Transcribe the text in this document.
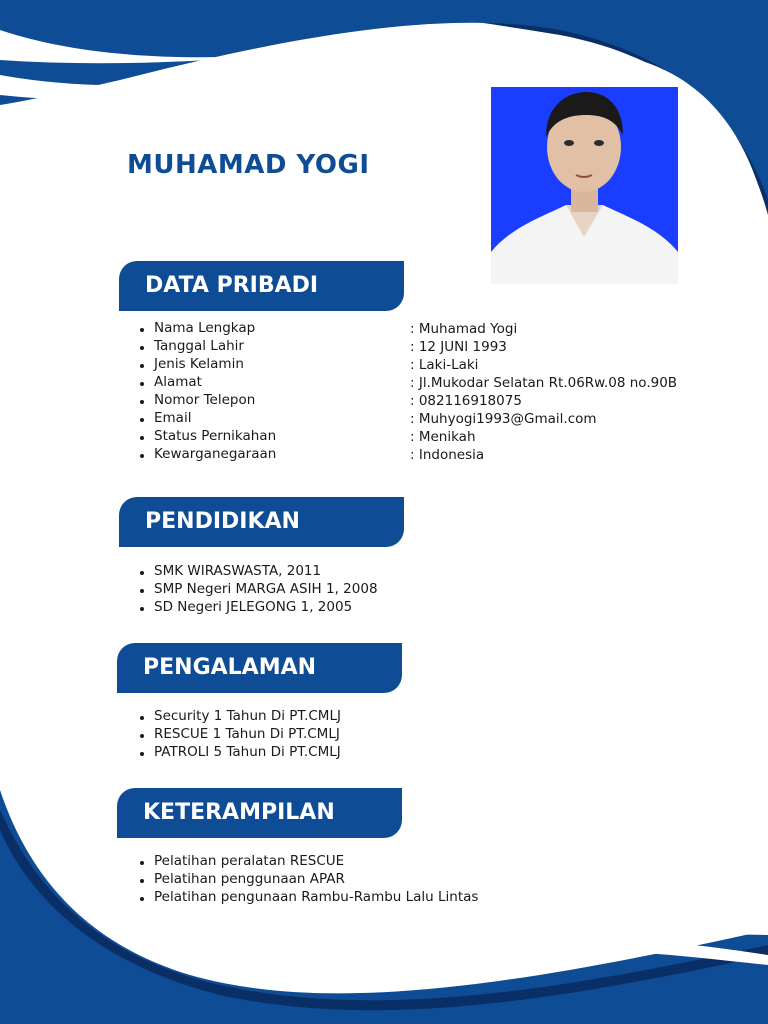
MUHAMAD YOGI
DATA PRIBADI
Nama Lengkap
Tanggal Lahir
Jenis Kelamin
Alamat
Nomor Telepon
Email
Status Pernikahan
Kewarganegaraan
: Muhamad Yogi
: 12 JUNI 1993
: Laki-Laki
: Jl.Mukodar Selatan Rt.06Rw.08 no.90B
: 082116918075
: Muhyogi1993@Gmail.com
: Menikah
: Indonesia
PENDIDIKAN
SMK WIRASWASTA, 2011
SMP Negeri MARGA ASIH 1, 2008
SD Negeri JELEGONG 1, 2005
PENGALAMAN
Security 1 Tahun Di PT.CMLJ
RESCUE 1 Tahun Di PT.CMLJ
PATROLI 5 Tahun Di PT.CMLJ
KETERAMPILAN
Pelatihan peralatan RESCUE
Pelatihan penggunaan APAR
Pelatihan pengunaan Rambu-Rambu Lalu Lintas
